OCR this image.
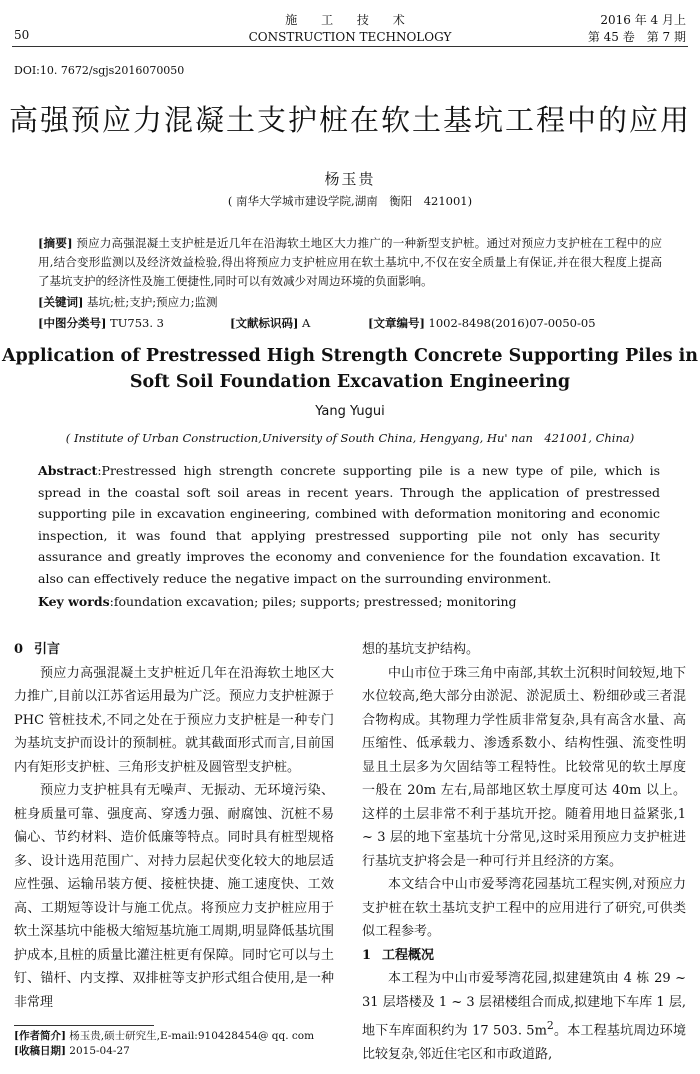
50
施 工 技 术
CONSTRUCTION TECHNOLOGY
2016 年 4 月上
第 45 卷　第 7 期
DOI:10. 7672/sgjs2016070050
高强预应力混凝土支护桩在软土基坑工程中的应用
杨玉贵
( 南华大学城市建设学院,湖南　衡阳　421001)
[摘要] 预应力高强混凝土支护桩是近几年在沿海软土地区大力推广的一种新型支护桩。通过对预应力支护桩在工程中的应用,结合变形监测以及经济效益检验,得出将预应力支护桩应用在软土基坑中,不仅在安全质量上有保证,并在很大程度上提高了基坑支护的经济性及施工便捷性,同时可以有效减少对周边环境的负面影响。
[关键词] 基坑;桩;支护;预应力;监测
[中图分类号] TU753. 3	[文献标识码] A	[文章编号] 1002-8498(2016)07-0050-05
Application of Prestressed High Strength Concrete Supporting Piles in
Soft Soil Foundation Excavation Engineering
Yang Yugui
( Institute of Urban Construction,University of South China, Hengyang, Hu' nan　421001, China)
Abstract:Prestressed high strength concrete supporting pile is a new type of pile, which is spread in the coastal soft soil areas in recent years. Through the application of prestressed supporting pile in excavation engineering, combined with deformation monitoring and economic inspection, it was found that applying prestressed supporting pile not only has security assurance and greatly improves the economy and convenience for the foundation excavation. It also can effectively reduce the negative impact on the surrounding environment.
Key words:foundation excavation; piles; supports; prestressed; monitoring
0 引言

预应力高强混凝土支护桩近几年在沿海软土地区大力推广,目前以江苏省运用最为广泛。预应力支护桩源于 PHC 管桩技术,不同之处在于预应力支护桩是一种专门为基坑支护而设计的预制桩。就其截面形式而言,目前国内有矩形支护桩、三角形支护桩及圆管型支护桩。

预应力支护桩具有无噪声、无振动、无环境污染、桩身质量可靠、强度高、穿透力强、耐腐蚀、沉桩不易偏心、节约材料、造价低廉等特点。同时具有桩型规格多、设计选用范围广、对持力层起伏变化较大的地层适应性强、运输吊装方便、接桩快捷、施工速度快、工效高、工期短等设计与施工优点。将预应力支护桩应用于软土深基坑中能极大缩短基坑施工周期,明显降低基坑围护成本,且桩的质量比灌注桩更有保障。同时它可以与土钉、锚杆、内支撑、双排桩等支护形式组合使用,是一种非常理

想的基坑支护结构。

中山市位于珠三角中南部,其软土沉积时间较短,地下水位较高,绝大部分由淤泥、淤泥质土、粉细砂或三者混合物构成。其物理力学性质非常复杂,具有高含水量、高压缩性、低承载力、渗透系数小、结构性强、流变性明显且土层多为欠固结等工程特性。比较常见的软土厚度一般在 20m 左右,局部地区软土厚度可达 40m 以上。这样的土层非常不利于基坑开挖。随着用地日益紧张,1 ~ 3 层的地下室基坑十分常见,这时采用预应力支护桩进行基坑支护将会是一种可行并且经济的方案。

本文结合中山市爱琴湾花园基坑工程实例,对预应力支护桩在软土基坑支护工程中的应用进行了研究,可供类似工程参考。

1 工程概况

本工程为中山市爱琴湾花园,拟建建筑由 4 栋 29 ~ 31 层塔楼及 1 ~ 3 层裙楼组合而成,拟建地下车库 1 层,地下车库面积约为 17 503. $5m^2$。本工程基坑周边环境比较复杂,邻近住宅区和市政道路,

[作者简介] 杨玉贵,硕士研究生,E-mail:910428454@ qq. com
[收稿日期] 2015-04-27
